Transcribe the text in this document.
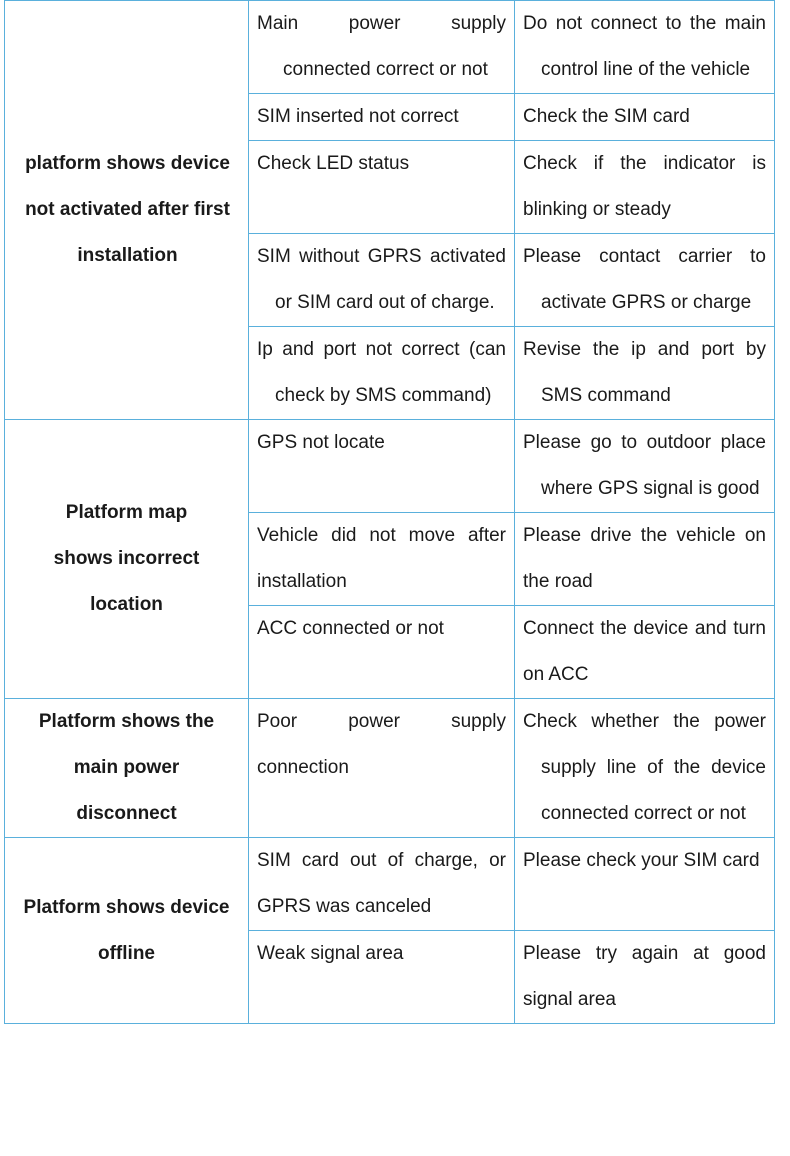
platform shows device not activated after first installation	Main power supply connected correct or not	Do not connect to the main control line of the vehicle

	SIM inserted not correct	Check the SIM card
	Check LED status	Check if the indicator is blinking or steady

	SIM without GPRS activated or SIM card out of charge.	Please contact carrier to activate GPRS or charge

	Ip and port not correct (can check by SMS command)	Revise the ip and port by SMS command

Platform map shows incorrect location	GPS not locate	Please go to outdoor place where GPS signal is good

	Vehicle did not move after installation	Please drive the vehicle on the road
	ACC connected or not	Connect the device and turn on ACC
Platform shows the main power disconnect	Poor power supply connection	Check whether the power supply line of the device connected correct or not

Platform shows device offline	SIM card out of charge, or GPRS was canceled	Please check your SIM card
	Weak signal area	Please try again at good signal area
